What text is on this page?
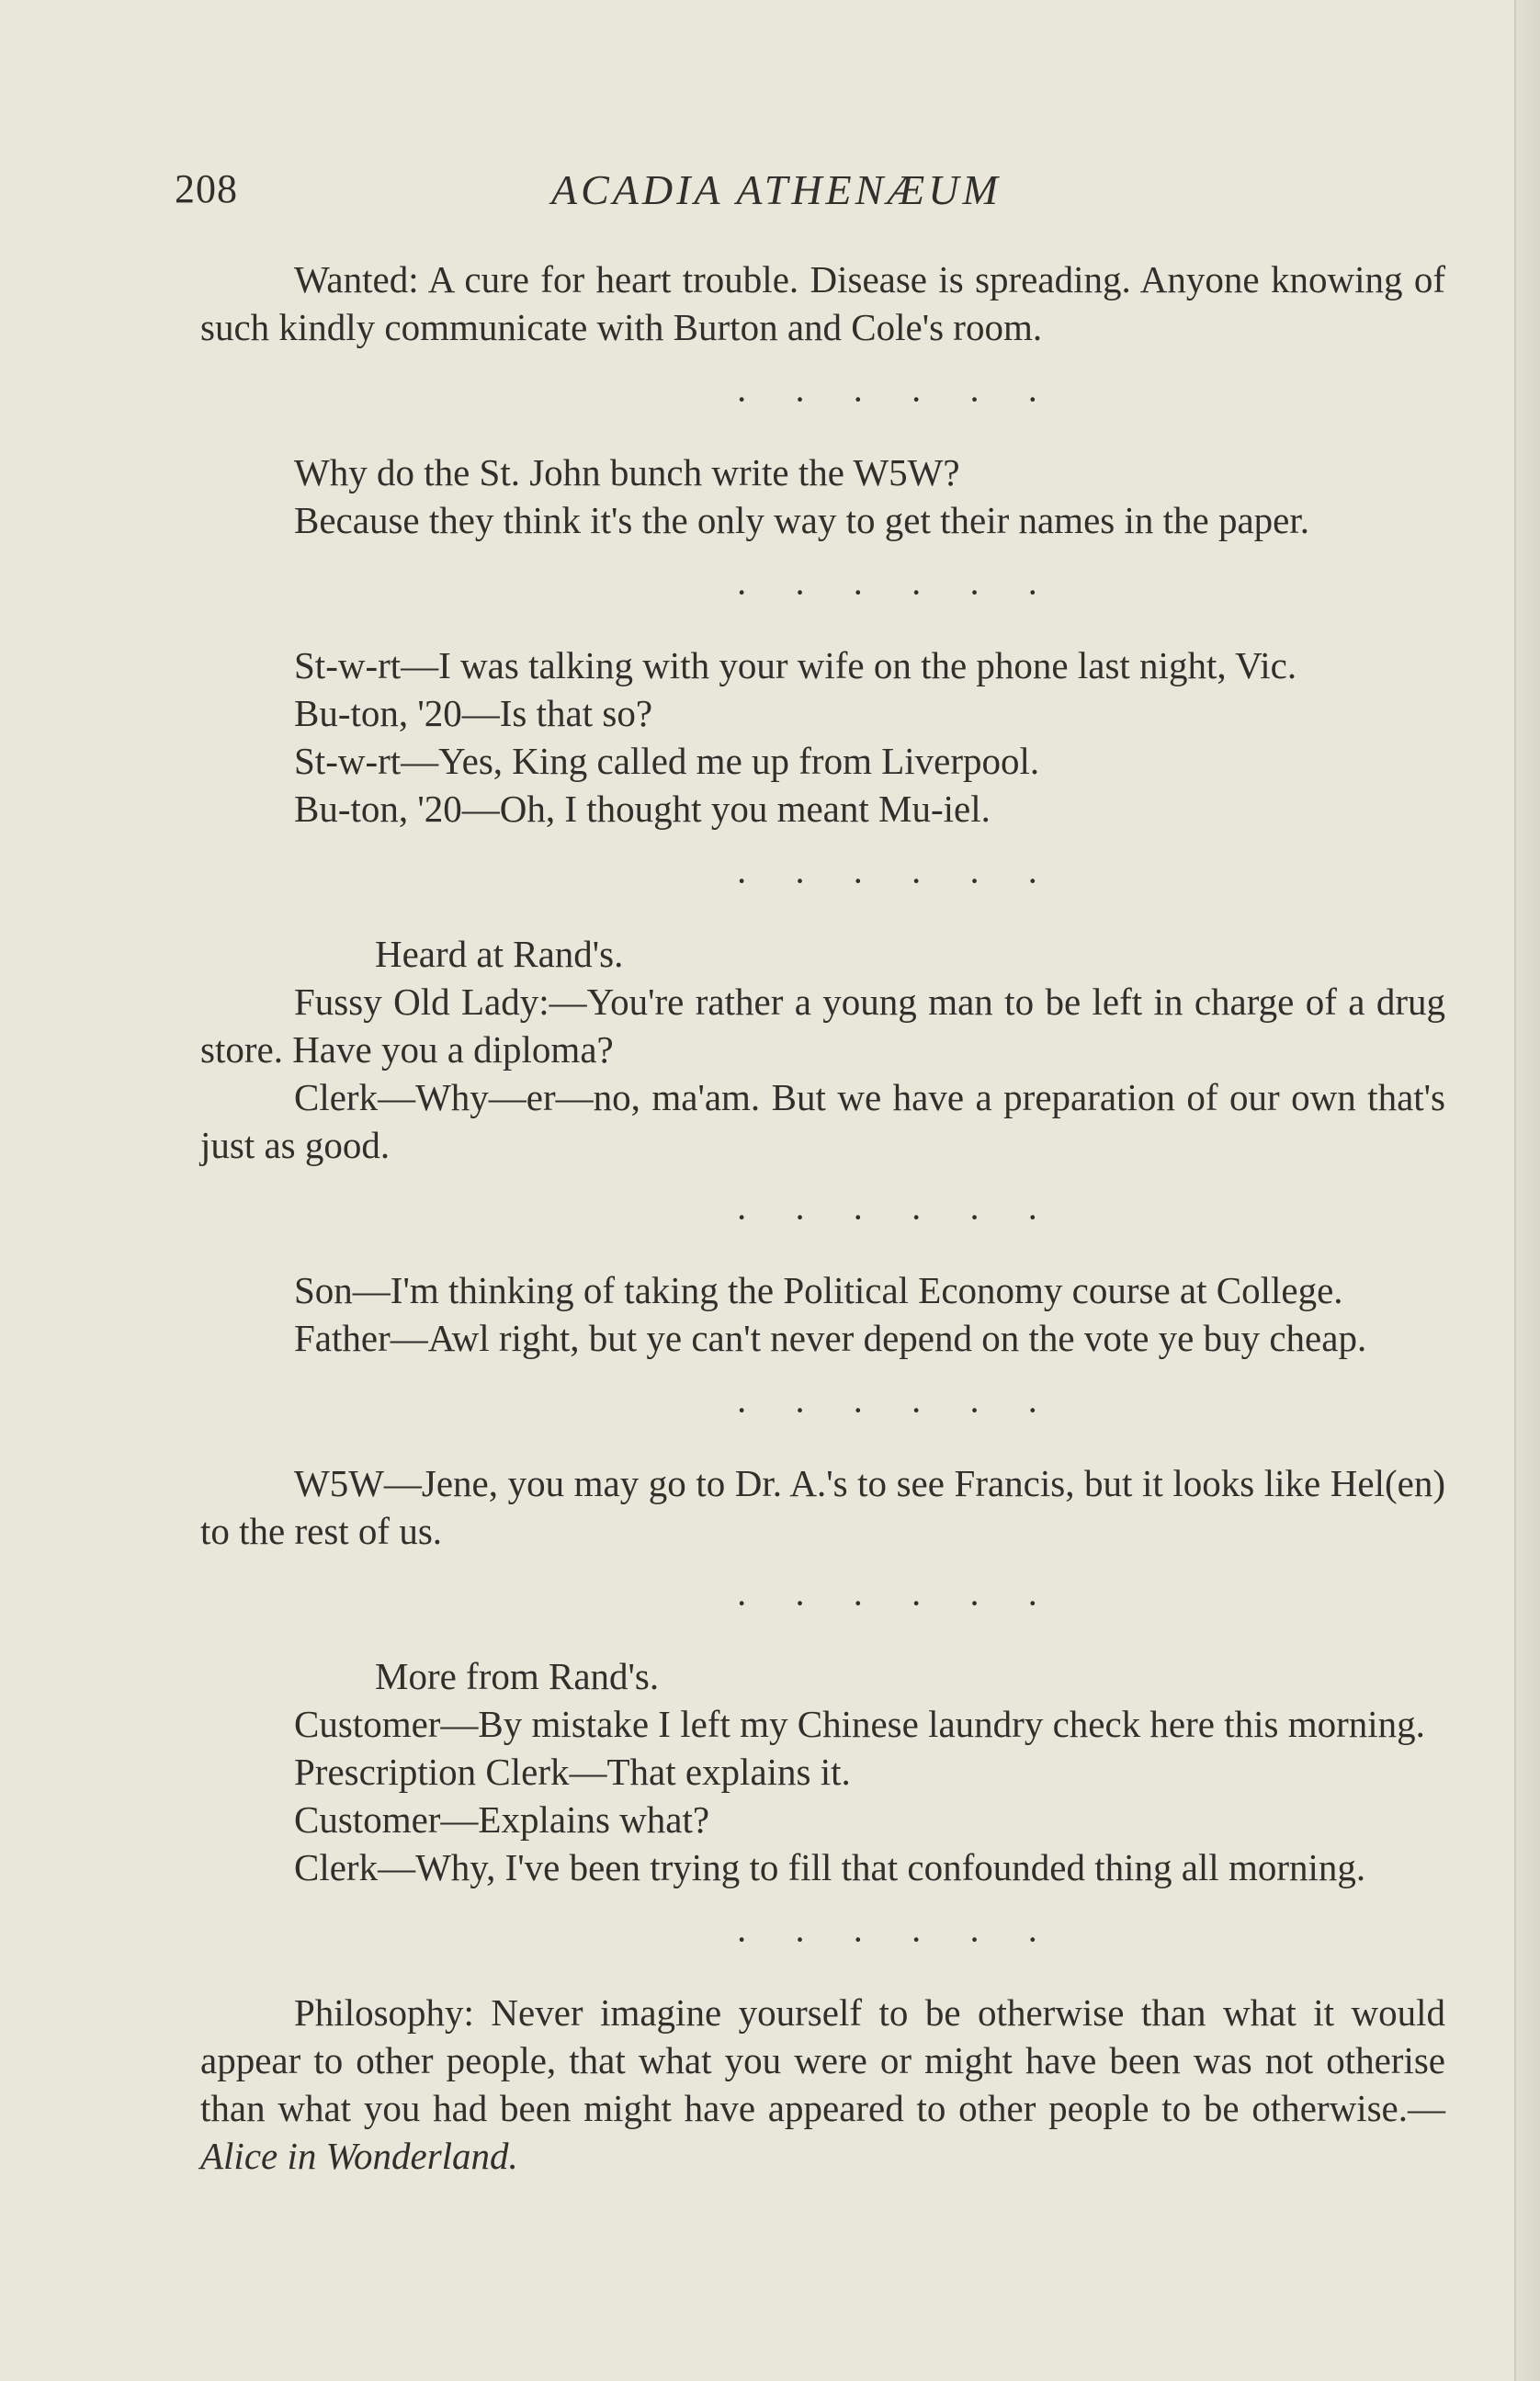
208	ACADIA ATHENÆUM

Wanted: A cure for heart trouble. Disease is spreading. Anyone knowing of such kindly communicate with Burton and Cole's room.

· · · · · ·

Why do the St. John bunch write the W5W?

Because they think it's the only way to get their names in the paper.

· · · · · ·

St-w-rt—I was talking with your wife on the phone last night, Vic.

Bu-ton, '20—Is that so?

St-w-rt—Yes, King called me up from Liverpool.

Bu-ton, '20—Oh, I thought you meant Mu-iel.

· · · · · ·

Heard at Rand's.

Fussy Old Lady:—You're rather a young man to be left in charge of a drug store. Have you a diploma?

Clerk—Why—er—no, ma'am. But we have a preparation of our own that's just as good.

· · · · · ·

Son—I'm thinking of taking the Political Economy course at College.

Father—Awl right, but ye can't never depend on the vote ye buy cheap.

· · · · · ·

W5W—Jene, you may go to Dr. A.'s to see Francis, but it looks like Hel(en) to the rest of us.

· · · · · ·

More from Rand's.

Customer—By mistake I left my Chinese laundry check here this morning.

Prescription Clerk—That explains it.

Customer—Explains what?

Clerk—Why, I've been trying to fill that confounded thing all morning.

· · · · · ·

Philosophy: Never imagine yourself to be otherwise than what it would appear to other people, that what you were or might have been was not otherise than what you had been might have appeared to other people to be otherwise.—Alice in Wonderland.
